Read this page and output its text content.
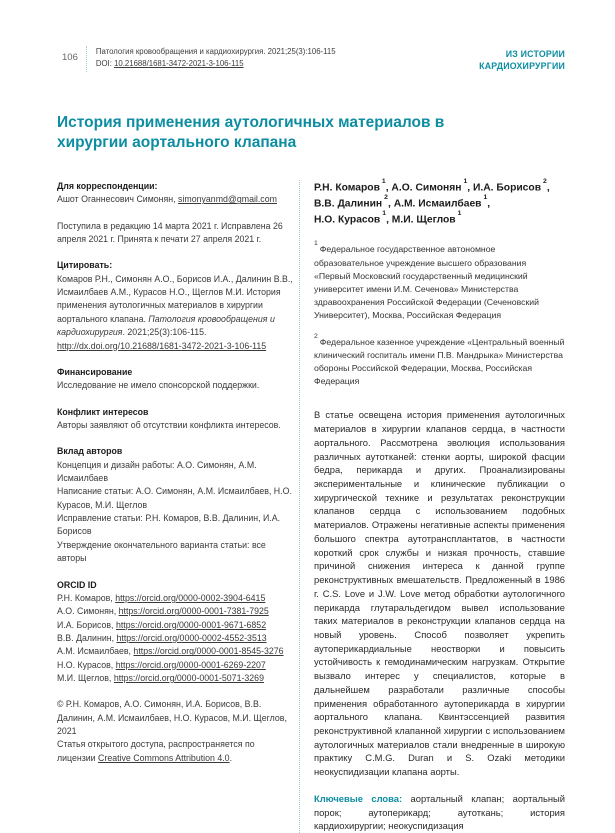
106
Патология кровообращения и кардиохирургия. 2021;25(3):106-115
DOI: 10.21688/1681-3472-2021-3-106-115
ИЗ ИСТОРИИ
КАРДИОХИРУРГИИ
История применения аутологичных материалов в хирургии аортального клапана
Для корреспонденции:
Ашот Оганнесович Симонян, simonyanmd@gmail.com
Поступила в редакцию 14 марта 2021 г. Исправлена 26 апреля 2021 г. Принята к печати 27 апреля 2021 г.
Цитировать:
Комаров Р.Н., Симонян А.О., Борисов И.А., Далинин В.В., Исмаилбаев А.М., Курасов Н.О., Щеглов М.И. История применения аутологичных материалов в хирургии аортального клапана. Патология кровообращения и кардиохирургия. 2021;25(3):106-115. http://dx.doi.org/10.21688/1681-3472-2021-3-106-115
Финансирование
Исследование не имело спонсорской поддержки.
Конфликт интересов
Авторы заявляют об отсутствии конфликта интересов.
Вклад авторов
Концепция и дизайн работы: А.О. Симонян, А.М. Исмаилбаев
Написание статьи: А.О. Симонян, А.М. Исмаилбаев, Н.О. Курасов, М.И. Щеглов
Исправление статьи: Р.Н. Комаров, В.В. Далинин, И.А. Борисов
Утверждение окончательного варианта статьи: все авторы
ORCID ID
Р.Н. Комаров, https://orcid.org/0000-0002-3904-6415
А.О. Симонян, https://orcid.org/0000-0001-7381-7925
И.А. Борисов, https://orcid.org/0000-0001-9671-6852
В.В. Далинин, https://orcid.org/0000-0002-4552-3513
А.М. Исмаилбаев, https://orcid.org/0000-0001-8545-3276
Н.О. Курасов, https://orcid.org/0000-0001-6269-2207
М.И. Щеглов, https://orcid.org/0000-0001-5071-3269
© Р.Н. Комаров, А.О. Симонян, И.А. Борисов, В.В. Далинин, А.М. Исмаилбаев, Н.О. Курасов, М.И. Щеглов, 2021
Статья открытого доступа, распространяется по лицензии Creative Commons Attribution 4.0.
Р.Н. Комаров$^1$, А.О. Симонян$^1$, И.А. Борисов$^2$,
В.В. Далинин$^2$, А.М. Исмаилбаев$^1$,
Н.О. Курасов$^1$, М.И. Щеглов$^1$
$^1$Федеральное государственное автономное образовательное учреждение высшего образования «Первый Московский государственный медицинский университет имени И.М. Сеченова» Министерства здравоохранения Российской Федерации (Сеченовский Университет), Москва, Российская Федерация
$^2$Федеральное казенное учреждение «Центральный военный клинический госпиталь имени П.В. Мандрыка» Министерства обороны Российской Федерации, Москва, Российская Федерация
В статье освещена история применения аутологичных материалов в хирургии клапанов сердца, в частности аортального. Рассмотрена эволюция использования различных аутотканей: стенки аорты, широкой фасции бедра, перикарда и других. Проанализированы экспериментальные и клинические публикации о хирургической технике и результатах реконструкции клапанов сердца с использованием подобных материалов. Отражены негативные аспекты применения большого спектра аутотрансплантатов, в частности короткий срок службы и низкая прочность, ставшие причиной снижения интереса к данной группе реконструктивных вмешательств. Предложенный в 1986 г. C.S. Love и J.W. Love метод обработки аутологичного перикарда глутаральдегидом вывел использование таких материалов в реконструкции клапанов сердца на новый уровень. Способ позволяет укрепить аутоперикардиальные неостворки и повысить устойчивость к гемодинамическим нагрузкам. Открытие вызвало интерес у специалистов, которые в дальнейшем разработали различные способы применения обработанного аутоперикарда в хирургии аортального клапана. Квинтэссенцией развития реконструктивной клапанной хирургии с использованием аутологичных материалов стали внедренные в широкую практику C.M.G. Duran и S. Ozaki методики неокуспидизации клапана аорты.
Ключевые слова: аортальный клапан; аортальный порок; аутоперикард; аутоткань; история кардиохирургии; неокуспидизация
